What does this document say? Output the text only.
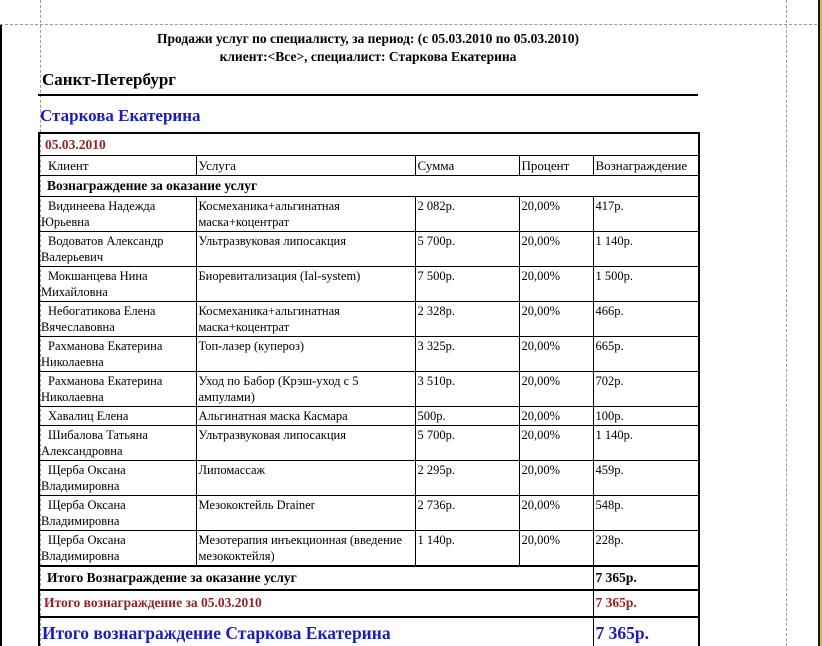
Продажи услуг по специалисту, за период: (с 05.03.2010 по 05.03.2010)
клиент:<Все>, специалист: Старкова Екатерина
Санкт-Петербург
Старкова Екатерина
05.03.2010				
Клиент	Услуга	Сумма	Процент	Вознаграждение
Вознаграждение за оказание услуг				
Видинеева Надежда Юрьевна	Космеханика+альгинатная маска+коцентрат	2 082р.	20,00%	417р.
Водоватов Александр Валерьевич	Ультразвуковая липосакция	5 700р.	20,00%	1 140р.
Мокшанцева Нина Михайловна	Биоревитализация (Ial-system)	7 500р.	20,00%	1 500р.
Небогатикова Елена Вячеславовна	Космеханика+альгинатная маска+коцентрат	2 328р.	20,00%	466р.
Рахманова Екатерина Николаевна	Топ-лазер (купероз)	3 325р.	20,00%	665р.
Рахманова Екатерина Николаевна	Уход по Бабор (Крэш-уход с 5 ампулами)	3 510р.	20,00%	702р.
Хавалиц Елена	Альгинатная маска Касмара	500р.	20,00%	100р.
Шибалова Татьяна Александровна	Ультразвуковая липосакция	5 700р.	20,00%	1 140р.
Щерба Оксана Владимировна	Липомассаж	2 295р.	20,00%	459р.
Щерба Оксана Владимировна	Мезококтейль Drainer	2 736р.	20,00%	548р.
Щерба Оксана Владимировна	Мезотерапия инъекционная (введение мезококтейля)	1 140р.	20,00%	228р.
Итого Вознаграждение за оказание услуг				7 365р.
Итого вознаграждение за 05.03.2010				7 365р.
Итого вознаграждение Старкова Екатерина				7 365р.
